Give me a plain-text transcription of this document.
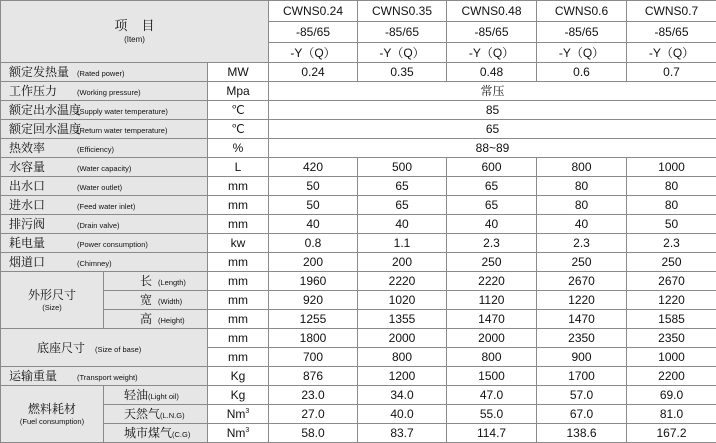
项目
(Item)			CWNS0.24	CWNS0.35	CWNS0.48	CWNS0.6	CWNS0.7
			-85/65	-85/65	-85/65	-85/65	-85/65
			-Y（Q）	-Y（Q）	-Y（Q）	-Y（Q）	-Y（Q）
额定发热量 (Rated power)		MW	0.24	0.35	0.48	0.6	0.7
工作压力 (Working pressure)		Mpa	常压				
额定出水温度(Supply water temperature)		℃	85				
额定回水温度(Return water temperature)		℃	65				
热效率 (Efficiency)		%	88~89				
水容量 (Water capacity)		L	420	500	600	800	1000
出水口 (Water outlet)		mm	50	65	65	80	80
进水口 (Feed water inlet)		mm	50	65	65	80	80
排污阀 (Drain valve)		mm	40	40	40	40	50
耗电量 (Power consumption)		kw	0.8	1.1	2.3	2.3	2.3
烟道口 (Chimney)		mm	200	200	250	250	250

外形尺寸
(Size)	长 (Length)	mm	1960	2220	2220	2670	2670
	宽 (Width)	mm	920	1020	1120	1220	1220
	高 (Height)	mm	1255	1355	1470	1470	1585
底座尺寸 (Size of base)		mm	1800	2000	2000	2350	2350
		mm	700	800	800	900	1000
运输重量 (Transport weight)		Kg	876	1200	1500	1700	2200

燃料耗材
(Fuel consumption)	轻油(Light oil)	Kg	23.0	34.0	47.0	57.0	69.0
	天然气(L.N.G)	Nm$^3$	27.0	40.0	55.0	67.0	81.0
	城市煤气(C.G)	Nm$^3$	58.0	83.7	114.7	138.6	167.2
